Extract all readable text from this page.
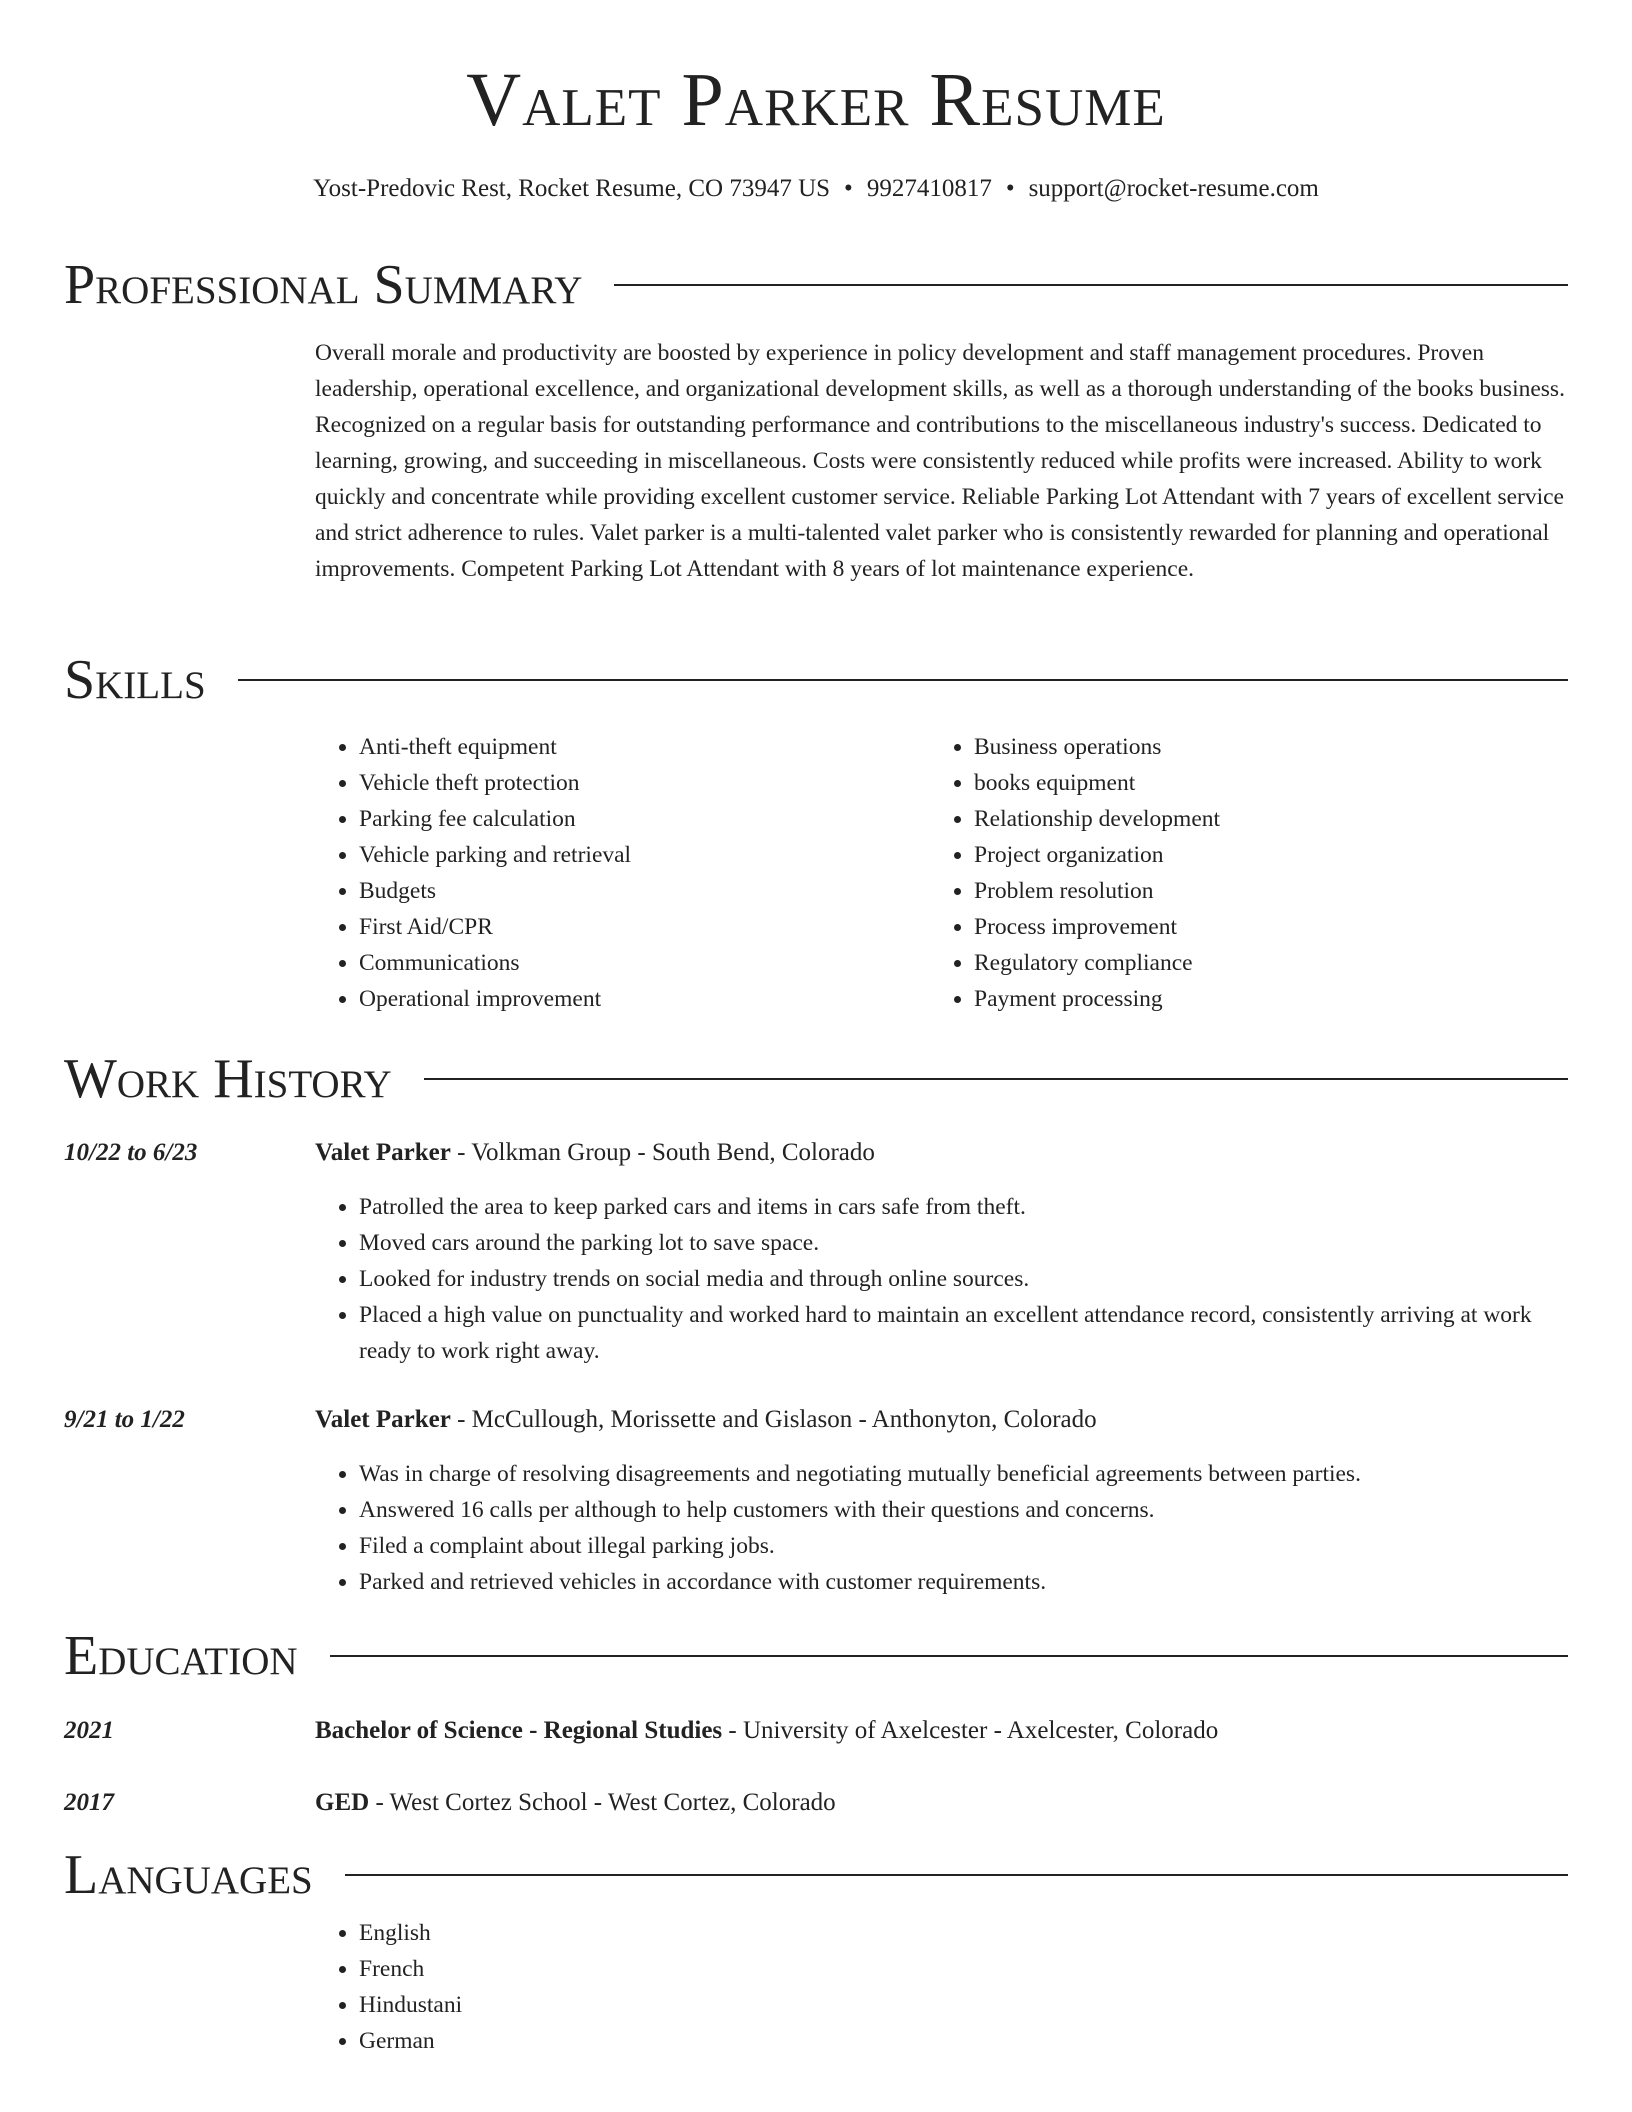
Valet Parker Resume
Yost-Predovic Rest, Rocket Resume, CO 73947 US • 9927410817 • support@rocket-resume.com
Professional Summary

Overall morale and productivity are boosted by experience in policy development and staff management procedures. Proven leadership, operational excellence, and organizational development skills, as well as a thorough understanding of the books business. Recognized on a regular basis for outstanding performance and contributions to the miscellaneous industry's success. Dedicated to learning, growing, and succeeding in miscellaneous. Costs were consistently reduced while profits were increased. Ability to work quickly and concentrate while providing excellent customer service. Reliable Parking Lot Attendant with 7 years of excellent service and strict adherence to rules. Valet parker is a multi-talented valet parker who is consistently rewarded for planning and operational improvements. Competent Parking Lot Attendant with 8 years of lot maintenance experience.

Skills
• Anti-theft equipment
• Vehicle theft protection
• Parking fee calculation
• Vehicle parking and retrieval
• Budgets
• First Aid/CPR
• Communications
• Operational improvement
• Business operations
• books equipment
• Relationship development
• Project organization
• Problem resolution
• Process improvement
• Regulatory compliance
• Payment processing
Work History
10/22 to 6/23	Valet Parker - Volkman Group - South Bend, Colorado
• Patrolled the area to keep parked cars and items in cars safe from theft.
• Moved cars around the parking lot to save space.
• Looked for industry trends on social media and through online sources.
• Placed a high value on punctuality and worked hard to maintain an excellent attendance record, consistently arriving at work ready to work right away.
9/21 to 1/22	Valet Parker - McCullough, Morissette and Gislason - Anthonyton, Colorado
• Was in charge of resolving disagreements and negotiating mutually beneficial agreements between parties.
• Answered 16 calls per although to help customers with their questions and concerns.
• Filed a complaint about illegal parking jobs.
• Parked and retrieved vehicles in accordance with customer requirements.
Education
2021	Bachelor of Science - Regional Studies - University of Axelcester - Axelcester, Colorado
2017	GED - West Cortez School - West Cortez, Colorado
Languages
• English
• French
• Hindustani
• German
